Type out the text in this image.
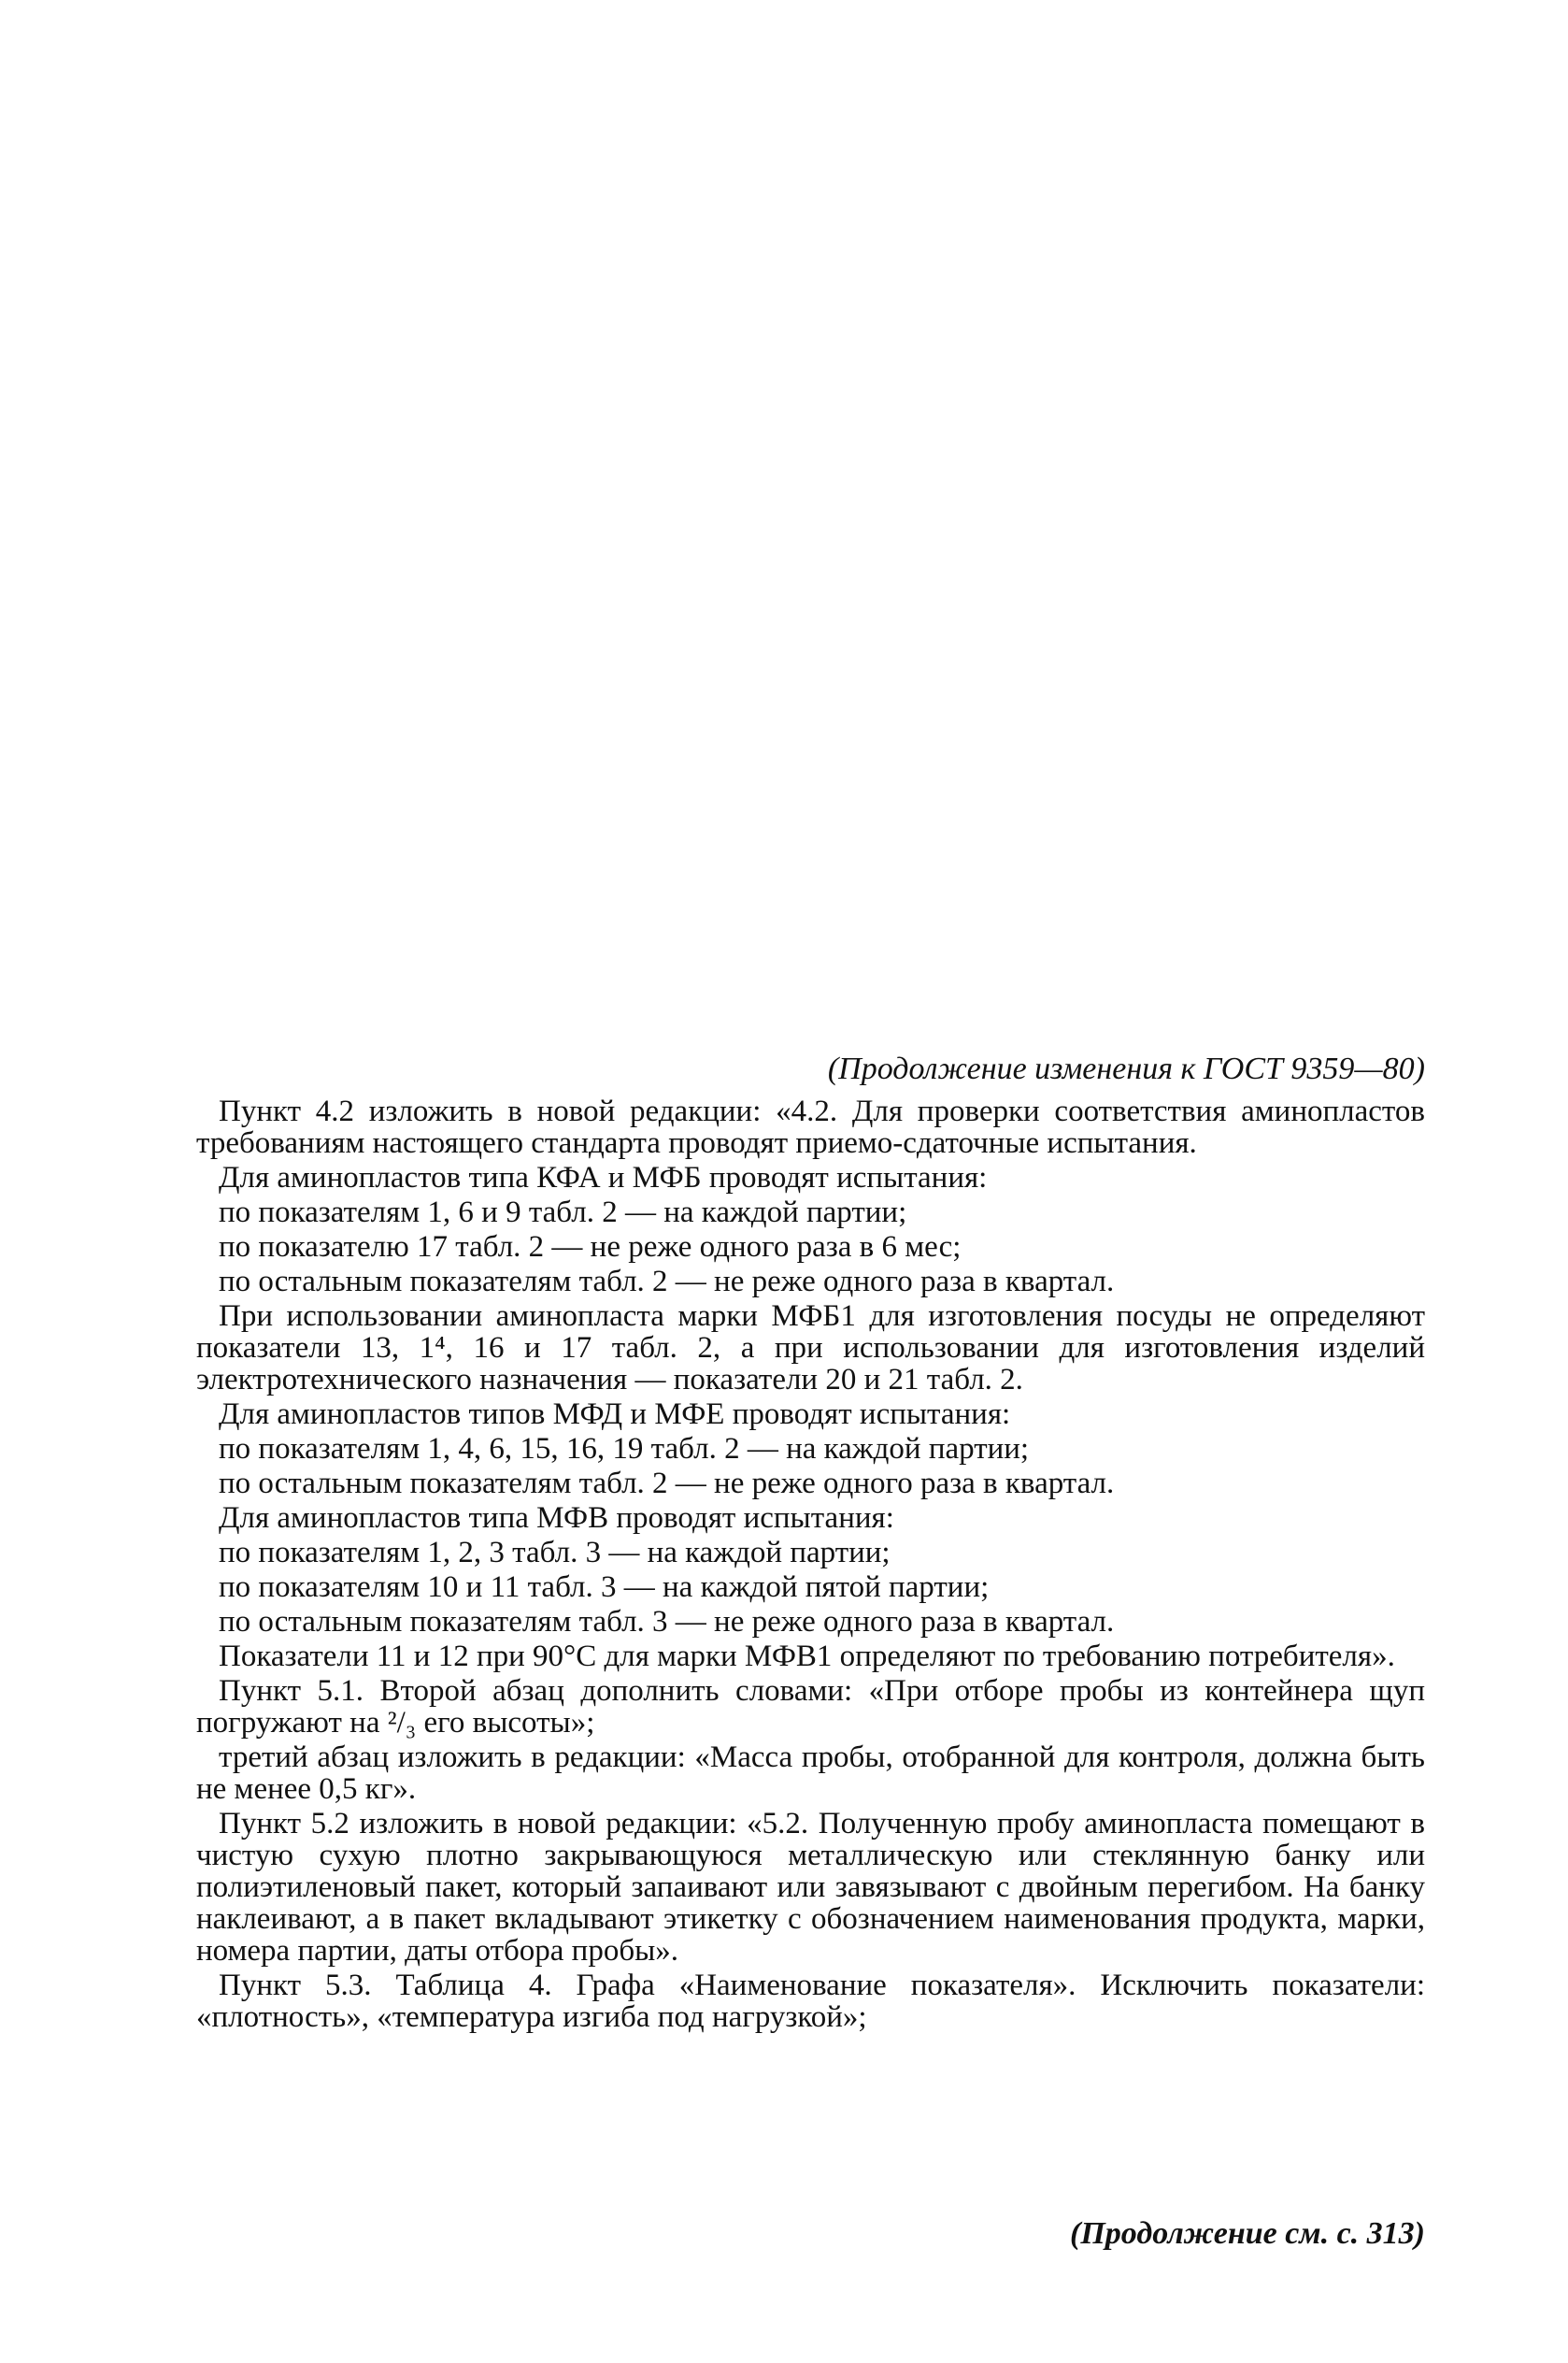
(Продолжение изменения к ГОСТ 9359—80)

Пункт 4.2 изложить в новой редакции: «4.2. Для проверки соответствия аминопластов требованиям настоящего стандарта проводят приемо-сдаточные испытания.

Для аминопластов типа КФА и МФБ проводят испытания:

по показателям 1, 6 и 9 табл. 2 — на каждой партии;

по показателю 17 табл. 2 — не реже одного раза в 6 мес;

по остальным показателям табл. 2 — не реже одного раза в квартал.

При использовании аминопласта марки МФБ1 для изготовления посуды не определяют показатели 13, 1⁴, 16 и 17 табл. 2, а при использовании для изготовления изделий электротехнического назначения — показатели 20 и 21 табл. 2.

Для аминопластов типов МФД и МФЕ проводят испытания:

по показателям 1, 4, 6, 15, 16, 19 табл. 2 — на каждой партии;

по остальным показателям табл. 2 — не реже одного раза в квартал.

Для аминопластов типа МФВ проводят испытания:

по показателям 1, 2, 3 табл. 3 — на каждой партии;

по показателям 10 и 11 табл. 3 — на каждой пятой партии;

по остальным показателям табл. 3 — не реже одного раза в квартал.

Показатели 11 и 12 при 90°С для марки МФВ1 определяют по требованию потребителя».

Пункт 5.1. Второй абзац дополнить словами: «При отборе пробы из контейнера щуп погружают на ²/₃ его высоты»;

третий абзац изложить в редакции: «Масса пробы, отобранной для контроля, должна быть не менее 0,5 кг».

Пункт 5.2 изложить в новой редакции: «5.2. Полученную пробу аминопласта помещают в чистую сухую плотно закрывающуюся металлическую или стеклянную банку или полиэтиленовый пакет, который запаивают или завязывают с двойным перегибом. На банку наклеивают, а в пакет вкладывают этикетку с обозначением наименования продукта, марки, номера партии, даты отбора пробы».

Пункт 5.3. Таблица 4. Графа «Наименование показателя». Исключить показатели: «плотность», «температура изгиба под нагрузкой»;

(Продолжение см. с. 313)
